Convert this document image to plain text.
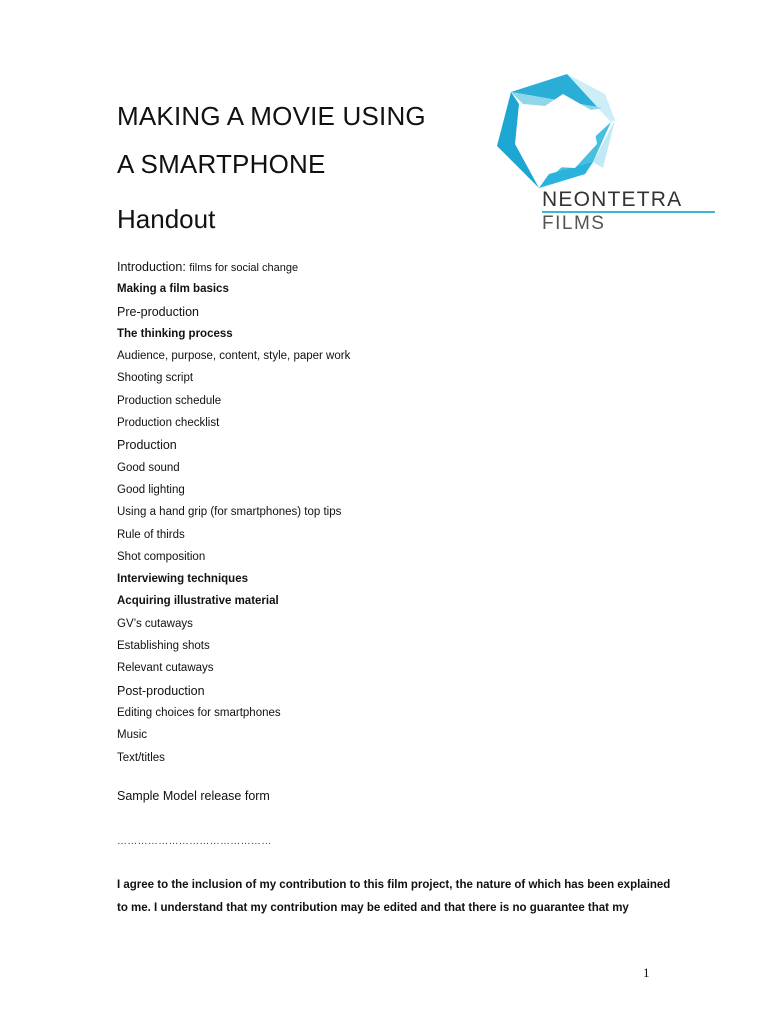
MAKING A MOVIE USING
A SMARTPHONE
Handout
NEONTETRA
FILMS
Introduction: films for social change
Making a film basics
Pre-production
The thinking process
Audience, purpose, content, style, paper work
Shooting script
Production schedule
Production checklist
Production
Good sound
Good lighting
Using a hand grip (for smartphones) top tips
Rule of thirds
Shot composition
Interviewing techniques
Acquiring illustrative material
GV’s cutaways
Establishing shots
Relevant cutaways
Post-production
Editing choices for smartphones
Music
Text/titles
Sample Model release form
………………………………………
I agree to the inclusion of my contribution to this film project, the nature of which has been explained to me. I understand that my contribution may be edited and that there is no guarantee that my
1
